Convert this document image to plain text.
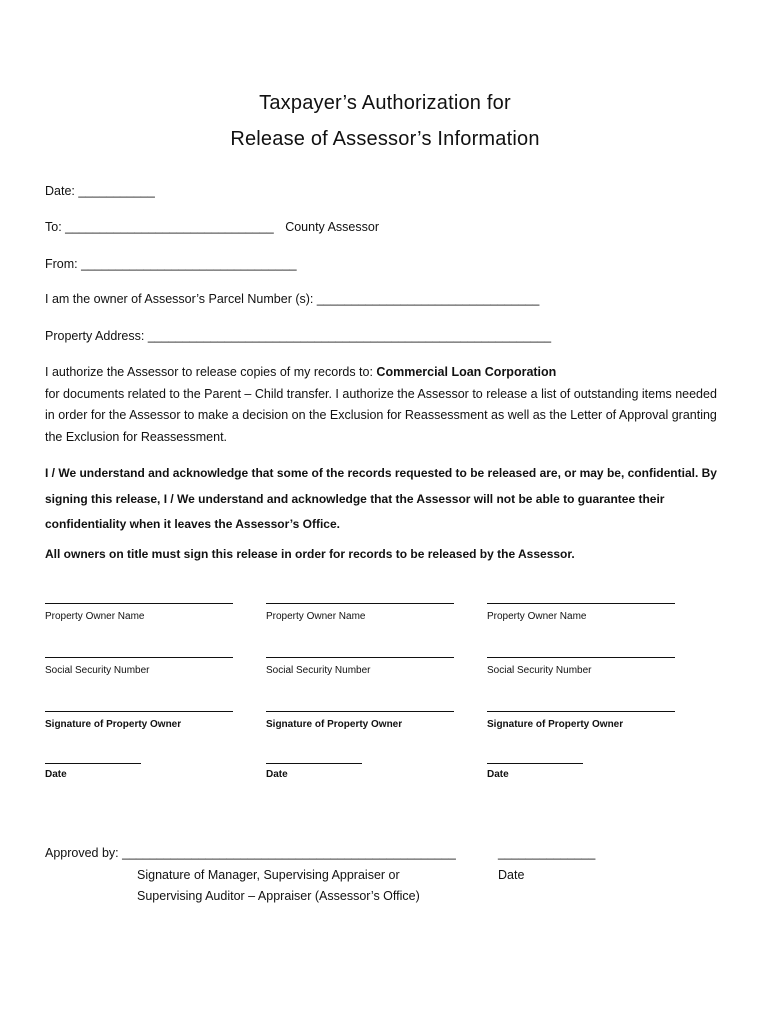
Taxpayer’s Authorization for
Release of Assessor’s Information
Date: ___________
To: ______________________________ County Assessor
From: _______________________________
I am the owner of Assessor’s Parcel Number (s): ________________________________
Property Address: __________________________________________________________
I authorize the Assessor to release copies of my records to: Commercial Loan Corporation
for documents related to the Parent – Child transfer. I authorize the Assessor to release a list of outstanding items needed in order for the Assessor to make a decision on the Exclusion for Reassessment as well as the Letter of Approval granting the Exclusion for Reassessment.
I / We understand and acknowledge that some of the records requested to be released are, or may be, confidential. By signing this release, I / We understand and acknowledge that the Assessor will not be able to guarantee their confidentiality when it leaves the Assessor’s Office.
All owners on title must sign this release in order for records to be released by the Assessor.
Property Owner Name	Property Owner Name	Property Owner Name
Social Security Number	Social Security Number	Social Security Number
Signature of Property Owner	Signature of Property Owner	Signature of Property Owner
Date	Date	Date
Approved by: ________________________________________________	______________
Signature of Manager, Supervising Appraiser or	Date
Supervising Auditor – Appraiser (Assessor’s Office)
